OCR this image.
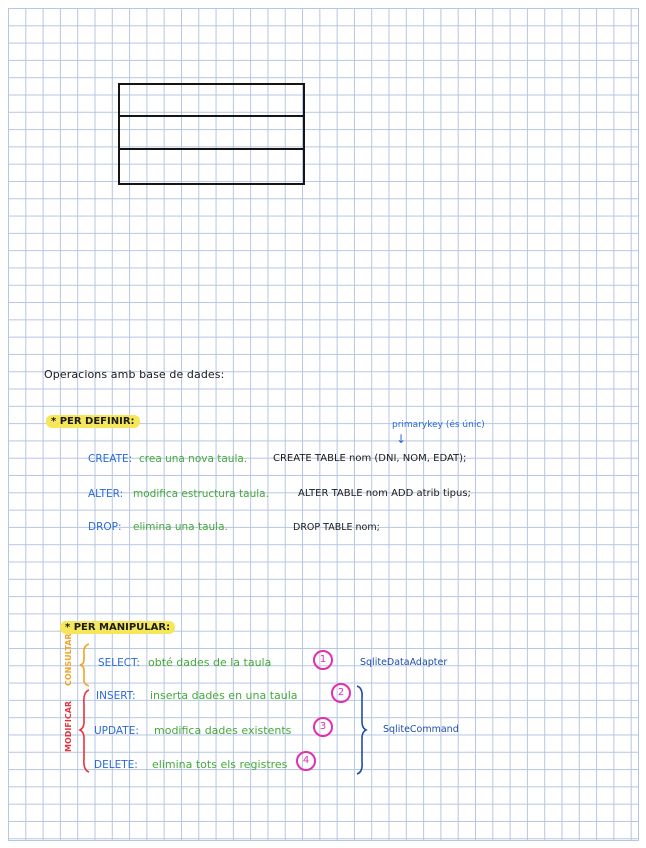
Operacions amb base de dades:
* PER DEFINIR:	primarykey (és únic)
↓
CREATE: crea una nova taula.	CREATE TABLE nom (DNI, NOM, EDAT);
ALTER: modifica estructura taula.	ALTER TABLE nom ADD atrib tipus;
DROP: elimina una taula.	DROP TABLE nom;
* PER MANIPULAR:
CONSULTAR
MODIFICAR
SELECT: obté dades de la taula	1
INSERT: inserta dades en una taula	2
UPDATE: modifica dades existents	3
DELETE: elimina tots els registres	4
SqliteDataAdapter
SqliteCommand
